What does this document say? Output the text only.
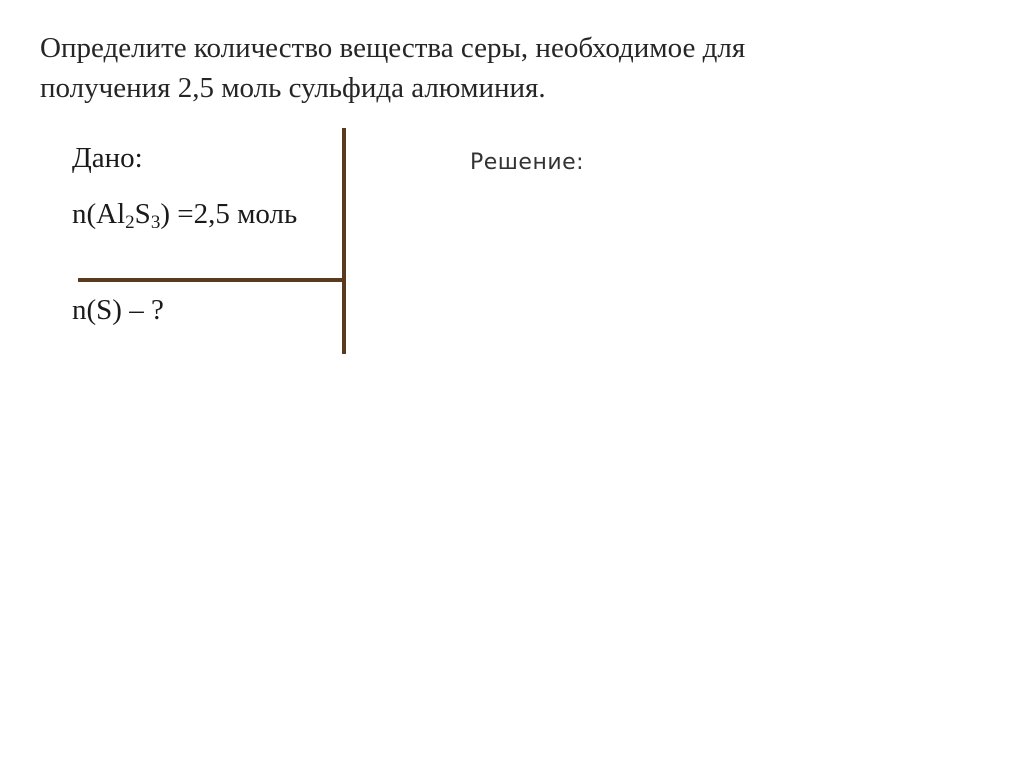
Определите количество вещества серы, необходимое для
получения 2,5 моль сульфида алюминия.
Дано:
$n(Al_2S_3) =2,5$ моль
n(S) – ?
Решение:
